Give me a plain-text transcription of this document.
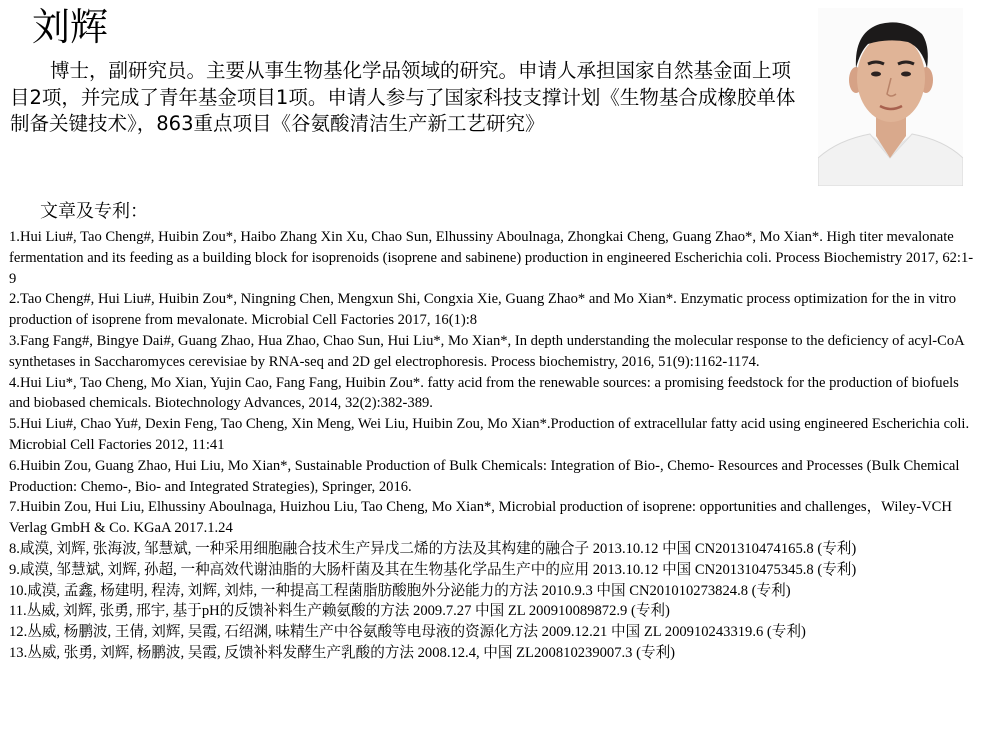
刘辉

博士，副研究员。主要从事生物基化学品领域的研究。申请人承担国家自然基金面上项目2项，并完成了青年基金项目1项。申请人参与了国家科技支撑计划《生物基合成橡胶单体制备关键技术》，863重点项目《谷氨酸清洁生产新工艺研究》

文章及专利：
1.Hui Liu#, Tao Cheng#, Huibin Zou*, Haibo Zhang Xin Xu, Chao Sun, Elhussiny Aboulnaga, Zhongkai Cheng, Guang Zhao*, Mo Xian*. High titer mevalonate fermentation and its feeding as a building block for isoprenoids (isoprene and sabinene) production in engineered Escherichia coli. Process Biochemistry 2017, 62:1-9
2.Tao Cheng#, Hui Liu#, Huibin Zou*, Ningning Chen, Mengxun Shi, Congxia Xie, Guang Zhao* and Mo Xian*. Enzymatic process optimization for the in vitro production of isoprene from mevalonate. Microbial Cell Factories 2017, 16(1):8
3.Fang Fang#, Bingye Dai#, Guang Zhao, Hua Zhao, Chao Sun, Hui Liu*, Mo Xian*, In depth understanding the molecular response to the deficiency of acyl-CoA synthetases in Saccharomyces cerevisiae by RNA-seq and 2D gel electrophoresis. Process biochemistry, 2016, 51(9):1162-1174.
4.Hui Liu*, Tao Cheng, Mo Xian, Yujin Cao, Fang Fang, Huibin Zou*. fatty acid from the renewable sources: a promising feedstock for the production of biofuels and biobased chemicals. Biotechnology Advances, 2014, 32(2):382-389.
5.Hui Liu#, Chao Yu#, Dexin Feng, Tao Cheng, Xin Meng, Wei Liu, Huibin Zou, Mo Xian*.Production of extracellular fatty acid using engineered Escherichia coli. Microbial Cell Factories 2012, 11:41
6.Huibin Zou, Guang Zhao, Hui Liu, Mo Xian*, Sustainable Production of Bulk Chemicals: Integration of Bio-, Chemo- Resources and Processes (Bulk Chemical Production: Chemo-, Bio- and Integrated Strategies), Springer, 2016.
7.Huibin Zou, Hui Liu, Elhussiny Aboulnaga, Huizhou Liu, Tao Cheng, Mo Xian*, Microbial production of isoprene: opportunities and challenges，Wiley-VCH Verlag GmbH & Co. KGaA 2017.1.24
8.咸漠, 刘辉, 张海波, 邹慧斌, 一种采用细胞融合技术生产异戊二烯的方法及其构建的融合子 2013.10.12 中国 CN201310474165.8 (专利)
9.咸漠, 邹慧斌, 刘辉, 孙超, 一种高效代谢油脂的大肠杆菌及其在生物基化学品生产中的应用 2013.10.12 中国 CN201310475345.8 (专利)
10.咸漠, 孟鑫, 杨建明, 程涛, 刘辉, 刘炜, 一种提高工程菌脂肪酸胞外分泌能力的方法 2010.9.3 中国 CN201010273824.8 (专利)
11.丛威, 刘辉, 张勇, 邢宇, 基于pH的反馈补料生产赖氨酸的方法 2009.7.27 中国 ZL 200910089872.9 (专利)
12.丛威, 杨鹏波, 王倩, 刘辉, 吴霞, 石绍渊, 味精生产中谷氨酸等电母液的资源化方法 2009.12.21 中国 ZL 200910243319.6 (专利)
13.丛威, 张勇, 刘辉, 杨鹏波, 吴霞, 反馈补料发酵生产乳酸的方法 2008.12.4, 中国 ZL200810239007.3 (专利)
